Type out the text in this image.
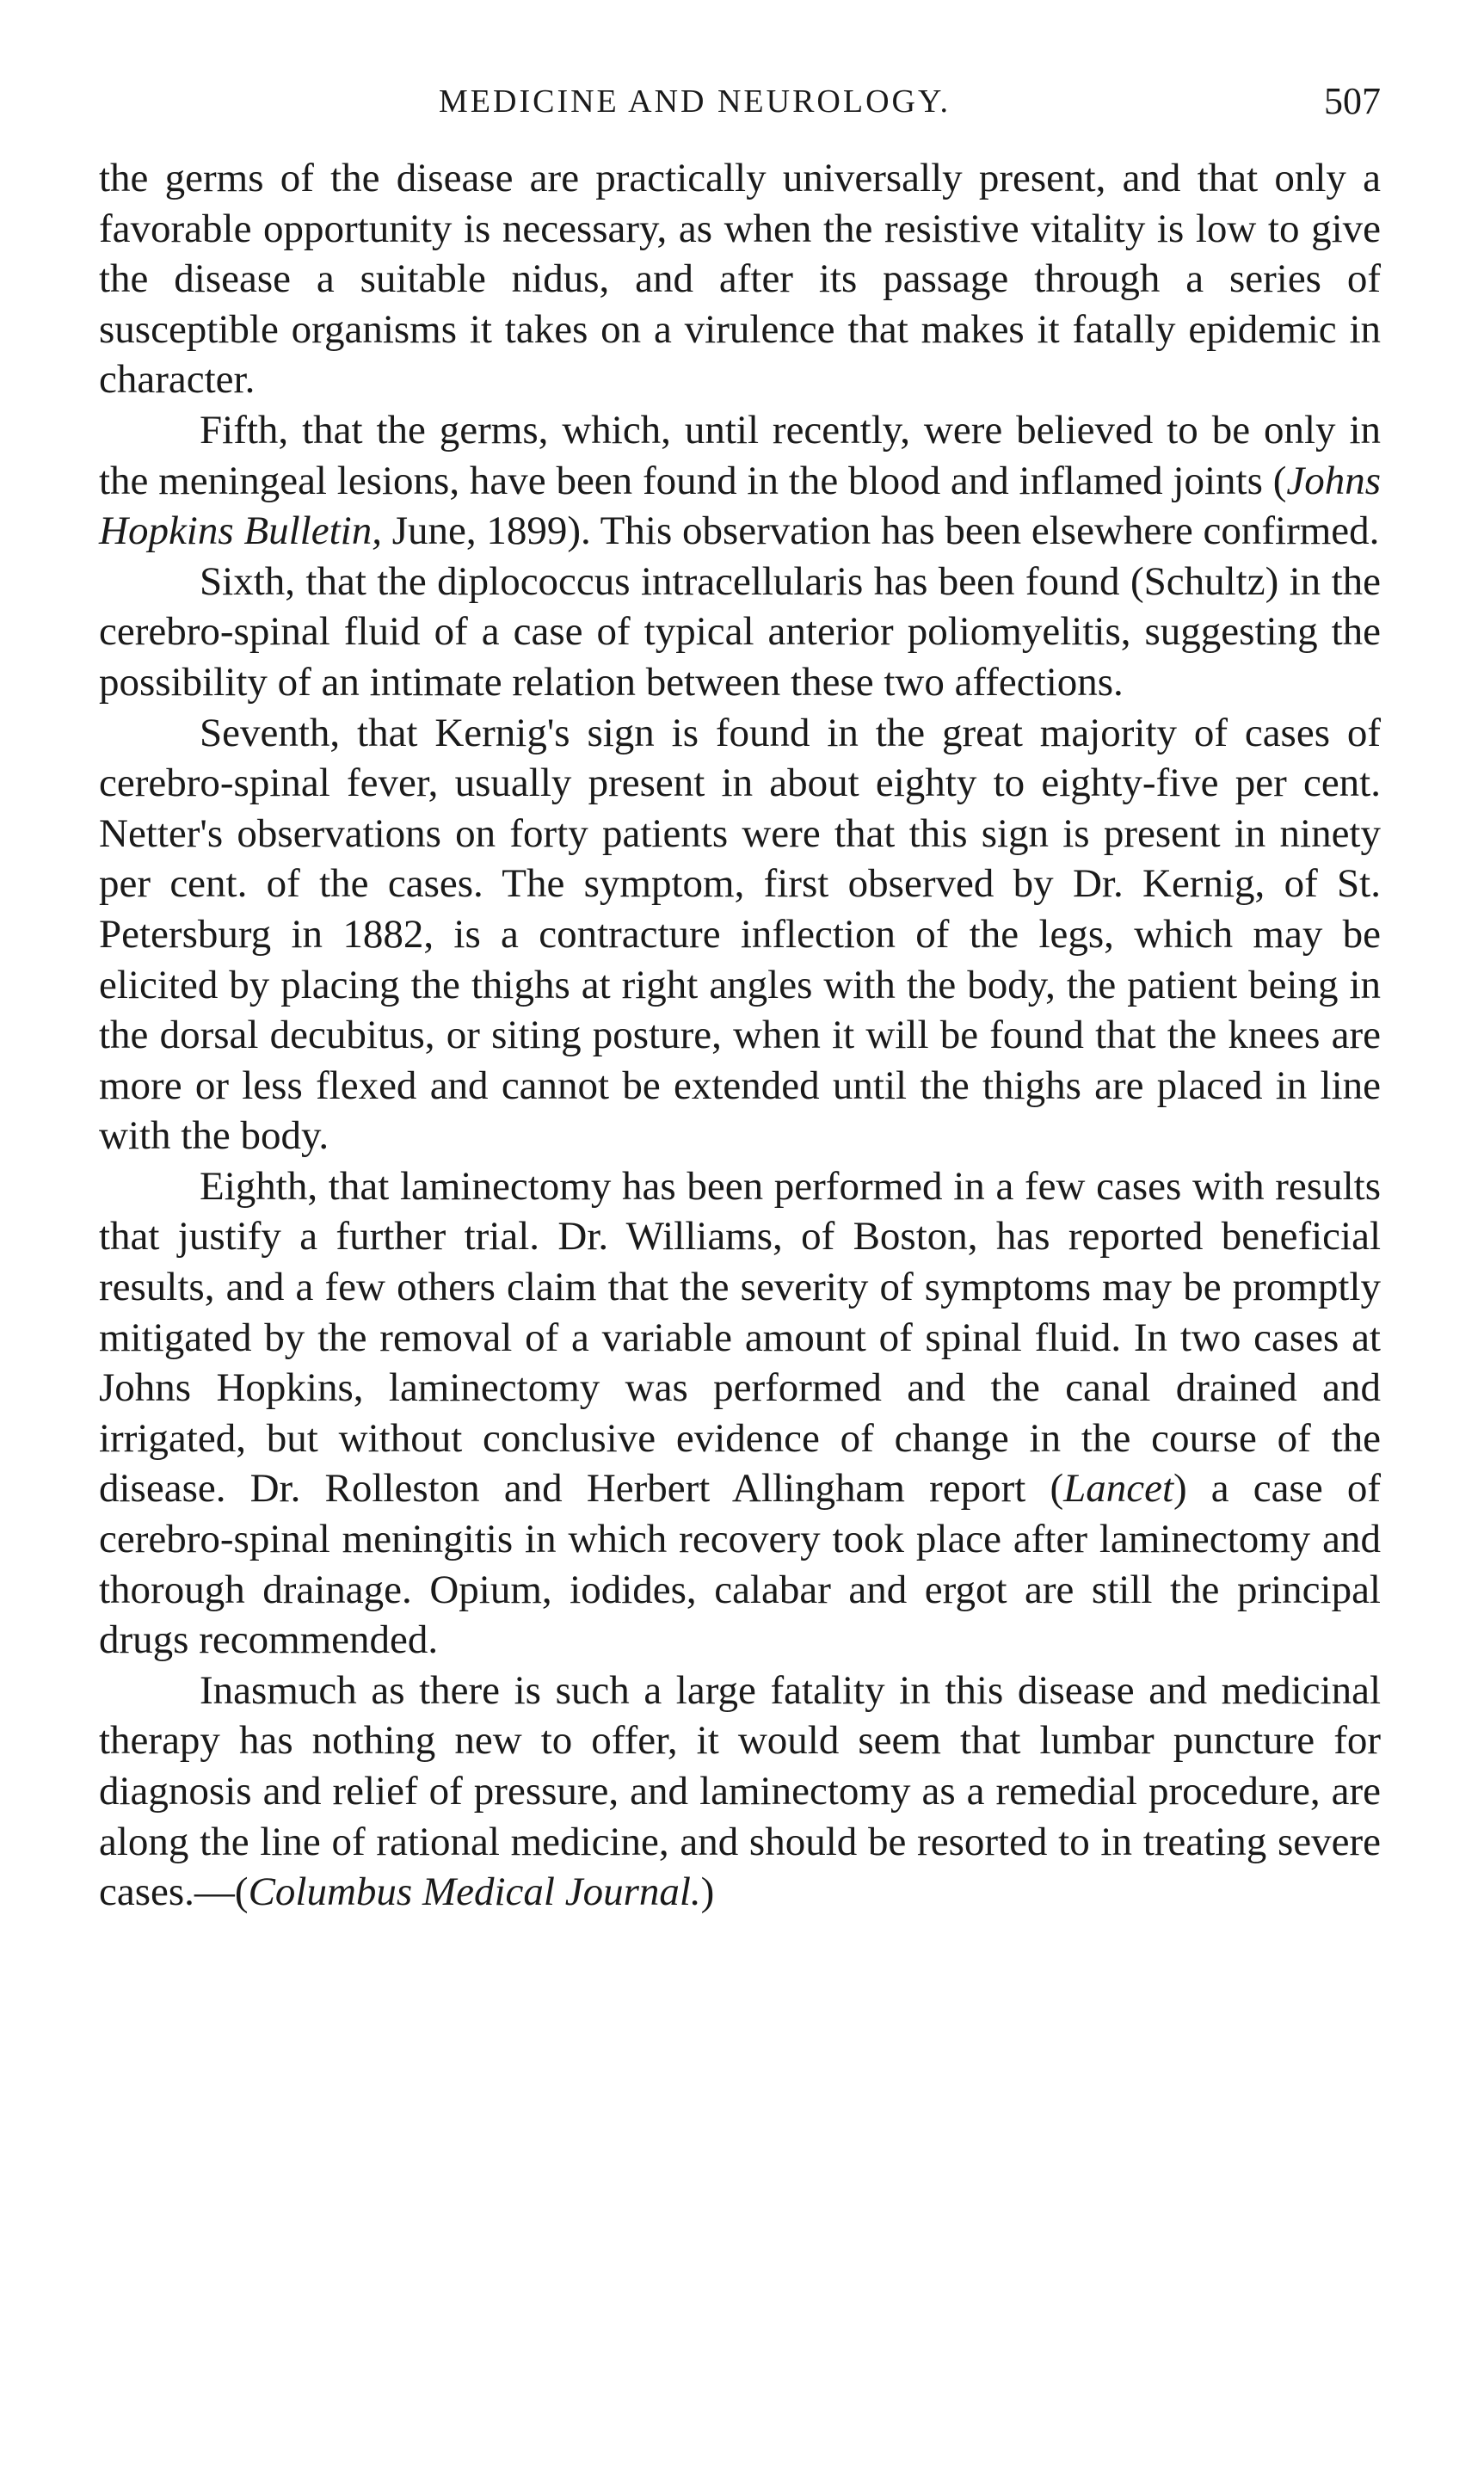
MEDICINE AND NEUROLOGY.	507

the germs of the disease are practically universally present, and that only a favorable opportunity is necessary, as when the resistive vitality is low to give the disease a suitable nidus, and after its passage through a series of susceptible organisms it takes on a virulence that makes it fatally epidemic in character.

Fifth, that the germs, which, until recently, were believed to be only in the meningeal lesions, have been found in the blood and inflamed joints (Johns Hopkins Bulletin, June, 1899). This observation has been elsewhere confirmed.

Sixth, that the diplococcus intracellularis has been found (Schultz) in the cerebro-spinal fluid of a case of typical anterior poliomyelitis, suggesting the possibility of an intimate relation between these two affections.

Seventh, that Kernig's sign is found in the great majority of cases of cerebro-spinal fever, usually present in about eighty to eighty-five per cent. Netter's observations on forty patients were that this sign is present in ninety per cent. of the cases. The symptom, first observed by Dr. Kernig, of St. Petersburg in 1882, is a contracture inflection of the legs, which may be elicited by placing the thighs at right angles with the body, the patient being in the dorsal decubitus, or siting posture, when it will be found that the knees are more or less flexed and cannot be extended until the thighs are placed in line with the body.

Eighth, that laminectomy has been performed in a few cases with results that justify a further trial. Dr. Williams, of Boston, has reported beneficial results, and a few others claim that the severity of symptoms may be promptly mitigated by the removal of a variable amount of spinal fluid. In two cases at Johns Hopkins, laminectomy was performed and the canal drained and irrigated, but without conclusive evidence of change in the course of the disease. Dr. Rolleston and Herbert Allingham report (Lancet) a case of cerebro-spinal meningitis in which recovery took place after laminectomy and thorough drainage. Opium, iodides, calabar and ergot are still the principal drugs recommended.

Inasmuch as there is such a large fatality in this disease and medicinal therapy has nothing new to offer, it would seem that lumbar puncture for diagnosis and relief of pressure, and laminectomy as a remedial procedure, are along the line of rational medicine, and should be resorted to in treating severe cases.—(Columbus Medical Journal.)
